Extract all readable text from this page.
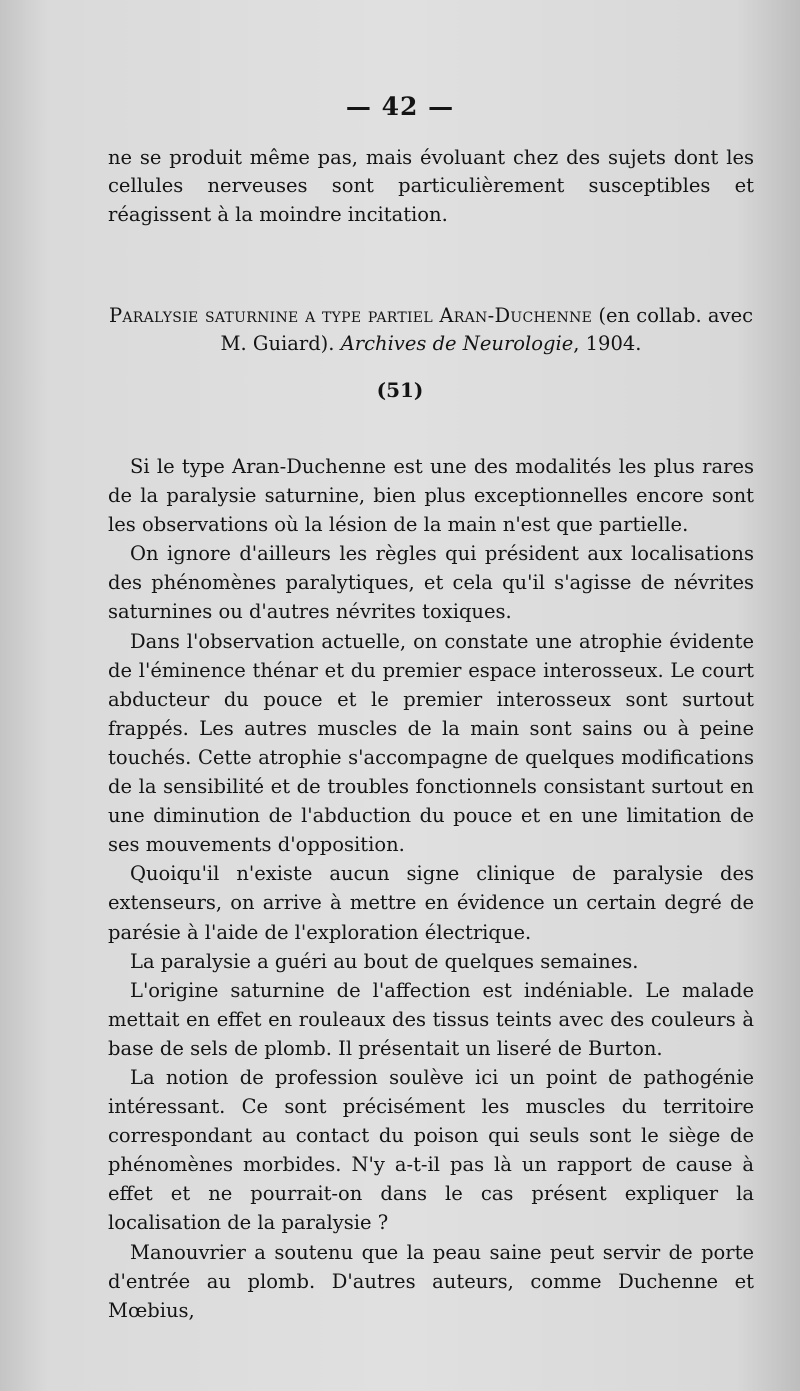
— 42 —

ne se produit même pas, mais évoluant chez des sujets dont les cellules nerveuses sont particulièrement susceptibles et réagissent à la moindre incitation.

Paralysie saturnine a type partiel Aran-Duchenne (en collab. avec M. Guiard). Archives de Neurologie, 1904.
(51)

Si le type Aran-Duchenne est une des modalités les plus rares de la paralysie saturnine, bien plus exceptionnelles encore sont les observations où la lésion de la main n'est que partielle.

On ignore d'ailleurs les règles qui président aux localisations des phénomènes paralytiques, et cela qu'il s'agisse de névrites saturnines ou d'autres névrites toxiques.

Dans l'observation actuelle, on constate une atrophie évidente de l'éminence thénar et du premier espace interosseux. Le court abducteur du pouce et le premier interosseux sont surtout frappés. Les autres muscles de la main sont sains ou à peine touchés. Cette atrophie s'accompagne de quelques modifications de la sensibilité et de troubles fonctionnels consistant surtout en une diminution de l'abduction du pouce et en une limitation de ses mouvements d'opposition.

Quoiqu'il n'existe aucun signe clinique de paralysie des extenseurs, on arrive à mettre en évidence un certain degré de parésie à l'aide de l'exploration électrique.

La paralysie a guéri au bout de quelques semaines.

L'origine saturnine de l'affection est indéniable. Le malade mettait en effet en rouleaux des tissus teints avec des couleurs à base de sels de plomb. Il présentait un liseré de Burton.

La notion de profession soulève ici un point de pathogénie intéressant. Ce sont précisément les muscles du territoire correspondant au contact du poison qui seuls sont le siège de phénomènes morbides. N'y a-t-il pas là un rapport de cause à effet et ne pourrait-on dans le cas présent expliquer la localisation de la paralysie ?

Manouvrier a soutenu que la peau saine peut servir de porte d'entrée au plomb. D'autres auteurs, comme Duchenne et Mœbius,
